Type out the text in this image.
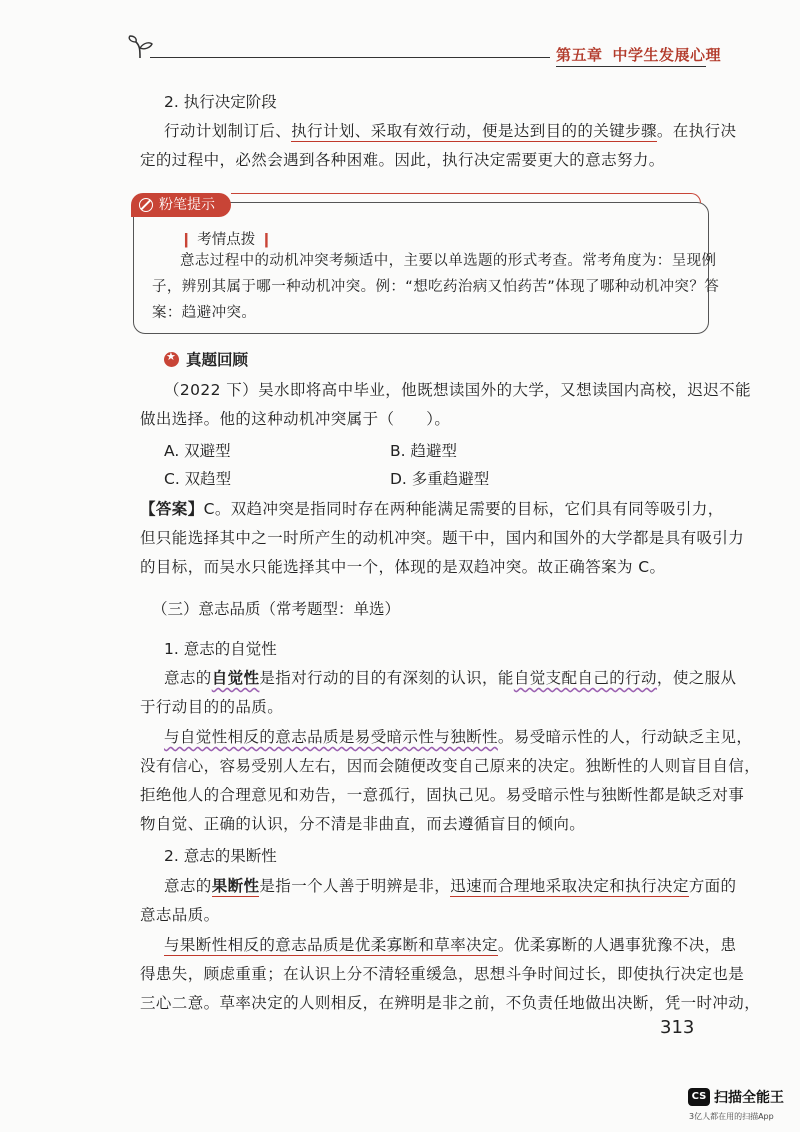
第五章 中学生发展心理
2. 执行决定阶段
行动计划制订后、执行计划、采取有效行动，便是达到目的的关键步骤。在执行决
定的过程中，必然会遇到各种困难。因此，执行决定需要更大的意志努力。
粉笔提示
❙ 考情点拨 ❙
意志过程中的动机冲突考频适中，主要以单选题的形式考查。常考角度为：呈现例
子，辨别其属于哪一种动机冲突。例：“想吃药治病又怕药苦”体现了哪种动机冲突？答
案：趋避冲突。
★
真题回顾
（2022 下）吴水即将高中毕业，他既想读国外的大学，又想读国内高校，迟迟不能
做出选择。他的这种动机冲突属于（　　）。
A. 双避型	B. 趋避型
C. 双趋型	D. 多重趋避型
【答案】C。双趋冲突是指同时存在两种能满足需要的目标，它们具有同等吸引力，
但只能选择其中之一时所产生的动机冲突。题干中，国内和国外的大学都是具有吸引力
的目标，而吴水只能选择其中一个，体现的是双趋冲突。故正确答案为 C。
（三）意志品质（常考题型：单选）
1. 意志的自觉性
意志的自觉性是指对行动的目的有深刻的认识，能自觉支配自己的行动，使之服从
于行动目的的品质。
与自觉性相反的意志品质是易受暗示性与独断性。易受暗示性的人，行动缺乏主见，
没有信心，容易受别人左右，因而会随便改变自己原来的决定。独断性的人则盲目自信，
拒绝他人的合理意见和劝告，一意孤行，固执己见。易受暗示性与独断性都是缺乏对事
物自觉、正确的认识，分不清是非曲直，而去遵循盲目的倾向。
2. 意志的果断性
意志的果断性是指一个人善于明辨是非，迅速而合理地采取决定和执行决定方面的
意志品质。
与果断性相反的意志品质是优柔寡断和草率决定。优柔寡断的人遇事犹豫不决，患
得患失，顾虑重重；在认识上分不清轻重缓急，思想斗争时间过长，即使执行决定也是
三心二意。草率决定的人则相反，在辨明是非之前，不负责任地做出决断，凭一时冲动，
313
CS 扫描全能王
3亿人都在用的扫描App
